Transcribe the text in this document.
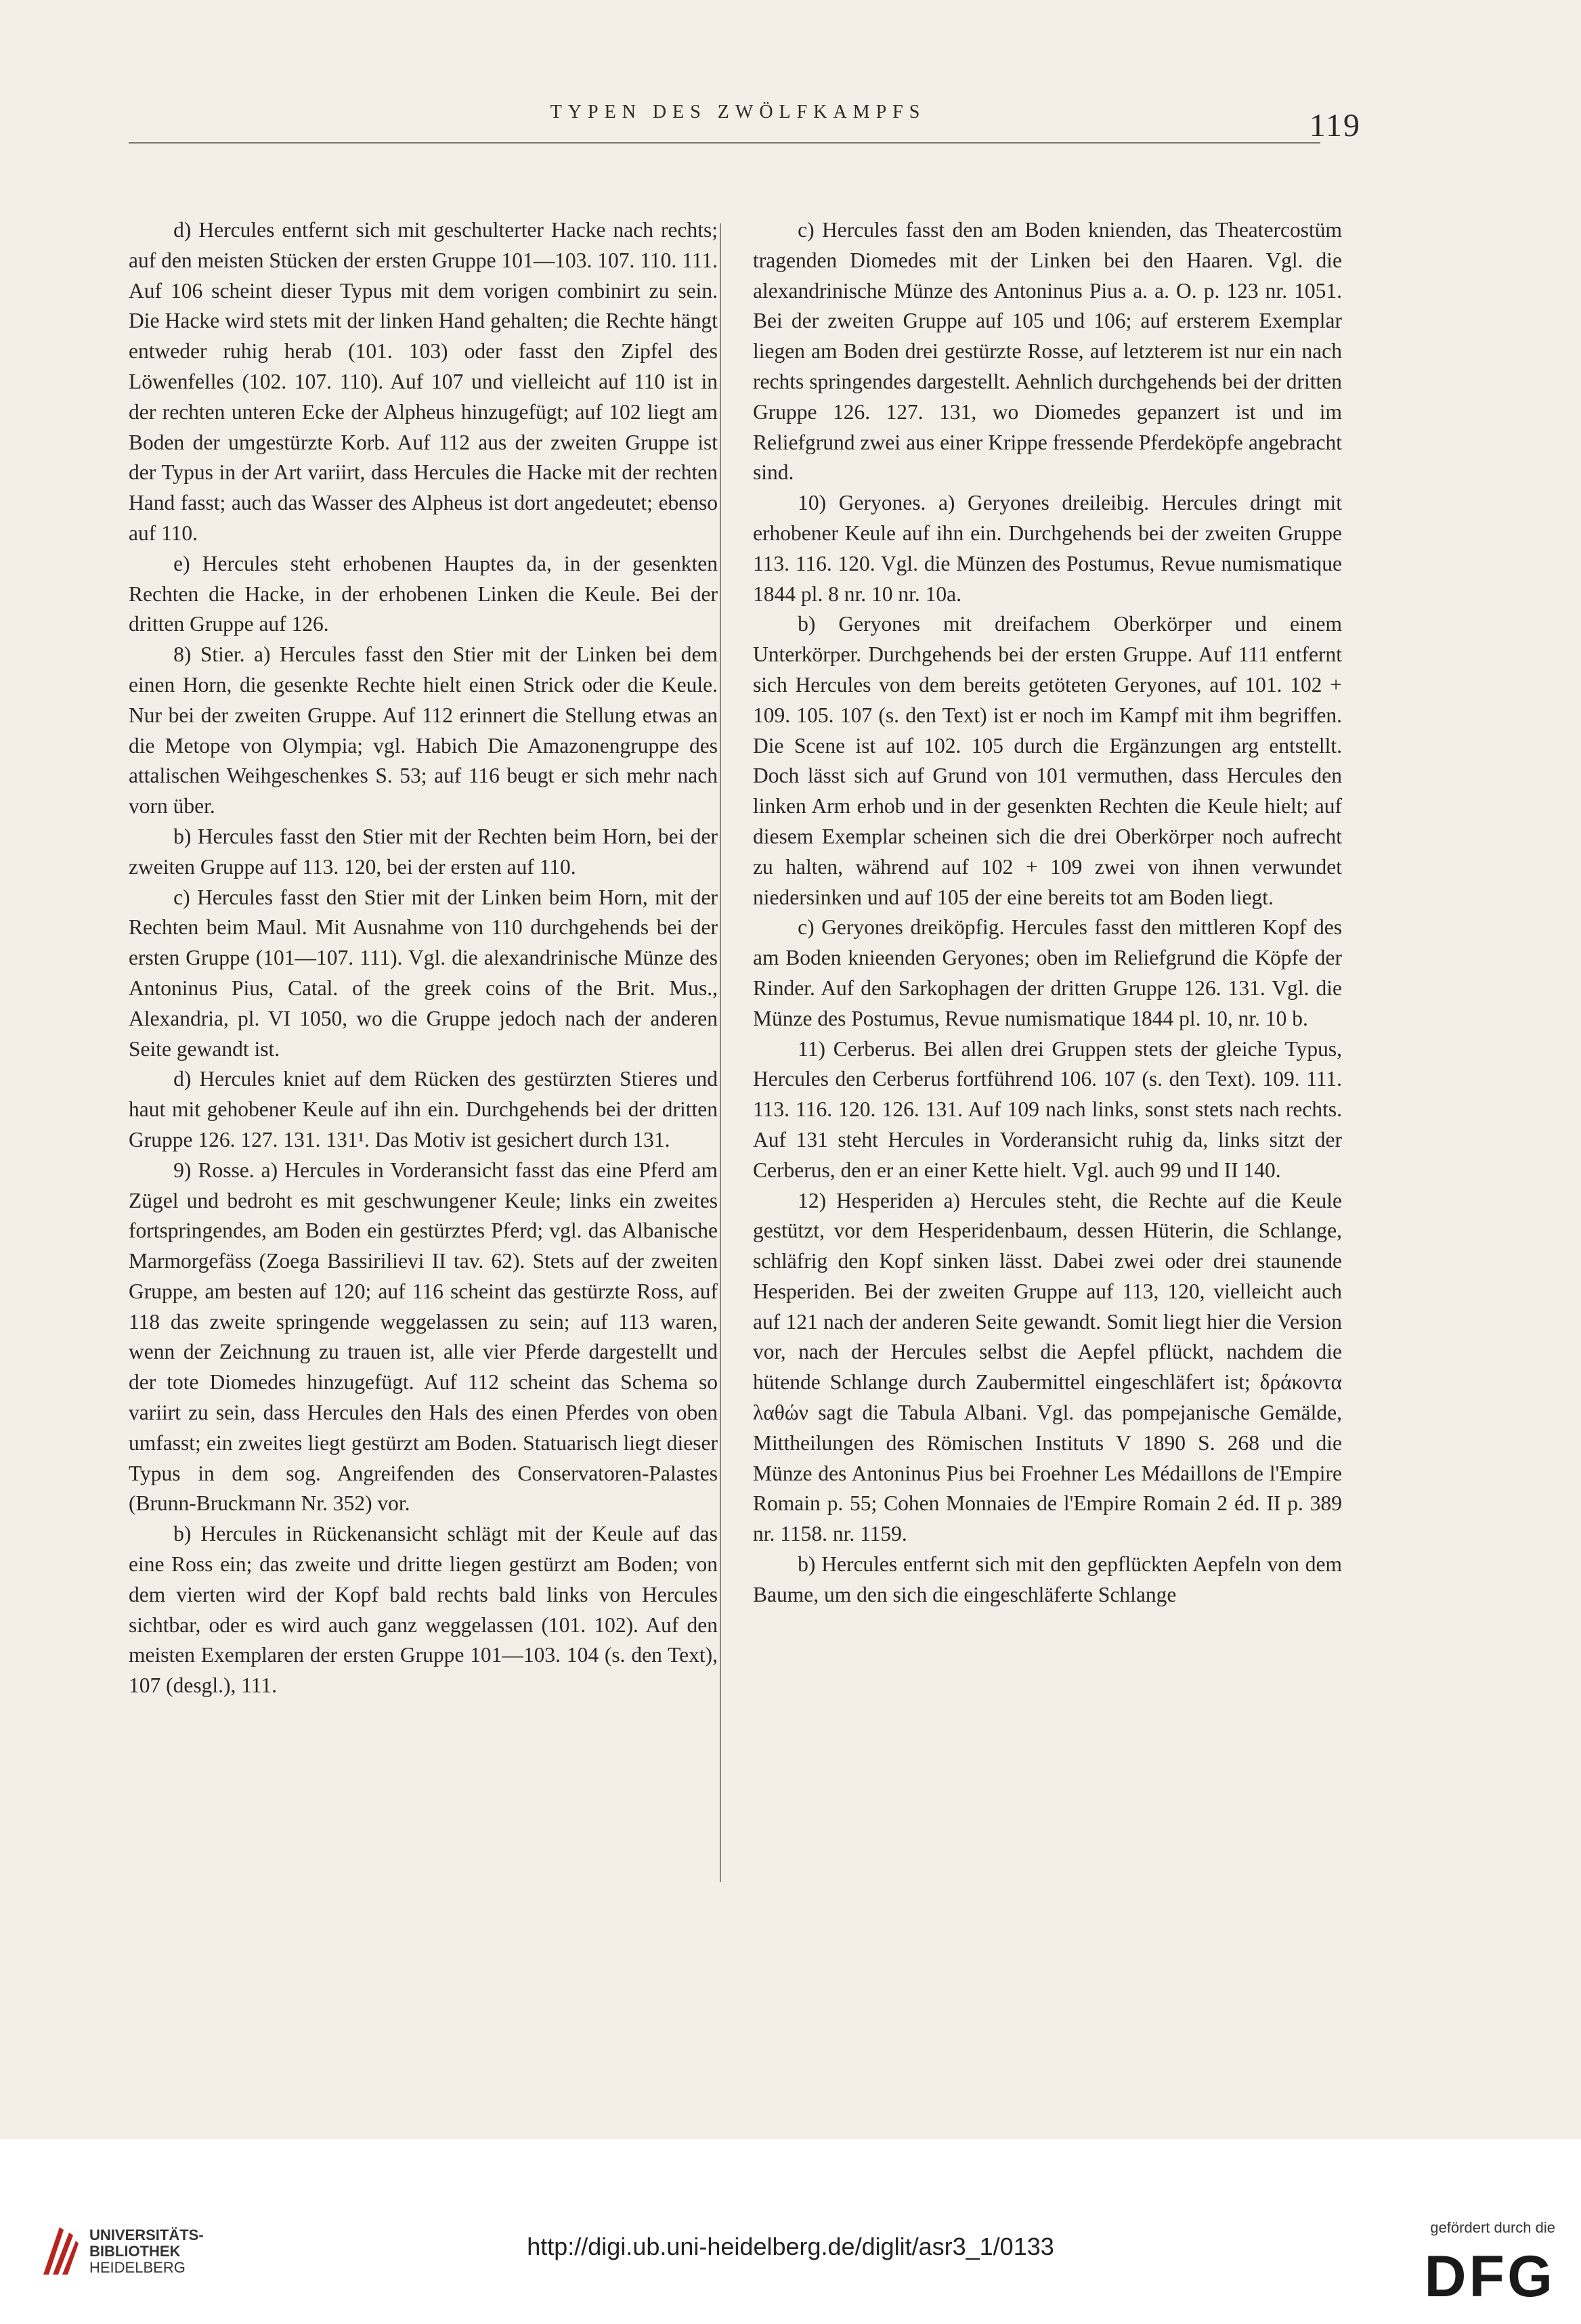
TYPEN DES ZWÖLFKAMPFS	119

d) Hercules entfernt sich mit geschulterter Hacke nach rechts; auf den meisten Stücken der ersten Gruppe 101—103. 107. 110. 111. Auf 106 scheint dieser Typus mit dem vorigen combinirt zu sein. Die Hacke wird stets mit der linken Hand gehalten; die Rechte hängt entweder ruhig herab (101. 103) oder fasst den Zipfel des Löwenfelles (102. 107. 110). Auf 107 und vielleicht auf 110 ist in der rechten unteren Ecke der Alpheus hinzugefügt; auf 102 liegt am Boden der umgestürzte Korb. Auf 112 aus der zweiten Gruppe ist der Typus in der Art variirt, dass Hercules die Hacke mit der rechten Hand fasst; auch das Wasser des Alpheus ist dort angedeutet; ebenso auf 110.

e) Hercules steht erhobenen Hauptes da, in der gesenkten Rechten die Hacke, in der erhobenen Linken die Keule. Bei der dritten Gruppe auf 126.

8) Stier. a) Hercules fasst den Stier mit der Linken bei dem einen Horn, die gesenkte Rechte hielt einen Strick oder die Keule. Nur bei der zweiten Gruppe. Auf 112 erinnert die Stellung etwas an die Metope von Olympia; vgl. Habich Die Amazonengruppe des attalischen Weihgeschenkes S. 53; auf 116 beugt er sich mehr nach vorn über.

b) Hercules fasst den Stier mit der Rechten beim Horn, bei der zweiten Gruppe auf 113. 120, bei der ersten auf 110.

c) Hercules fasst den Stier mit der Linken beim Horn, mit der Rechten beim Maul. Mit Ausnahme von 110 durchgehends bei der ersten Gruppe (101—107. 111). Vgl. die alexandrinische Münze des Antoninus Pius, Catal. of the greek coins of the Brit. Mus., Alexandria, pl. VI 1050, wo die Gruppe jedoch nach der anderen Seite gewandt ist.

d) Hercules kniet auf dem Rücken des gestürzten Stieres und haut mit gehobener Keule auf ihn ein. Durchgehends bei der dritten Gruppe 126. 127. 131. 131¹. Das Motiv ist gesichert durch 131.

9) Rosse. a) Hercules in Vorderansicht fasst das eine Pferd am Zügel und bedroht es mit geschwungener Keule; links ein zweites fortspringendes, am Boden ein gestürztes Pferd; vgl. das Albanische Marmorgefäss (Zoega Bassirilievi II tav. 62). Stets auf der zweiten Gruppe, am besten auf 120; auf 116 scheint das gestürzte Ross, auf 118 das zweite springende weggelassen zu sein; auf 113 waren, wenn der Zeichnung zu trauen ist, alle vier Pferde dargestellt und der tote Diomedes hinzugefügt. Auf 112 scheint das Schema so variirt zu sein, dass Hercules den Hals des einen Pferdes von oben umfasst; ein zweites liegt gestürzt am Boden. Statuarisch liegt dieser Typus in dem sog. Angreifenden des Conservatoren-Palastes (Brunn-Bruckmann Nr. 352) vor.

b) Hercules in Rückenansicht schlägt mit der Keule auf das eine Ross ein; das zweite und dritte liegen gestürzt am Boden; von dem vierten wird der Kopf bald rechts bald links von Hercules sichtbar, oder es wird auch ganz weggelassen (101. 102). Auf den meisten Exemplaren der ersten Gruppe 101—103. 104 (s. den Text), 107 (desgl.), 111.

c) Hercules fasst den am Boden knienden, das Theatercostüm tragenden Diomedes mit der Linken bei den Haaren. Vgl. die alexandrinische Münze des Antoninus Pius a. a. O. p. 123 nr. 1051. Bei der zweiten Gruppe auf 105 und 106; auf ersterem Exemplar liegen am Boden drei gestürzte Rosse, auf letzterem ist nur ein nach rechts springendes dargestellt. Aehnlich durchgehends bei der dritten Gruppe 126. 127. 131, wo Diomedes gepanzert ist und im Reliefgrund zwei aus einer Krippe fressende Pferdeköpfe angebracht sind.

10) Geryones. a) Geryones dreileibig. Hercules dringt mit erhobener Keule auf ihn ein. Durchgehends bei der zweiten Gruppe 113. 116. 120. Vgl. die Münzen des Postumus, Revue numismatique 1844 pl. 8 nr. 10 nr. 10a.

b) Geryones mit dreifachem Oberkörper und einem Unterkörper. Durchgehends bei der ersten Gruppe. Auf 111 entfernt sich Hercules von dem bereits getöteten Geryones, auf 101. 102 + 109. 105. 107 (s. den Text) ist er noch im Kampf mit ihm begriffen. Die Scene ist auf 102. 105 durch die Ergänzungen arg entstellt. Doch lässt sich auf Grund von 101 vermuthen, dass Hercules den linken Arm erhob und in der gesenkten Rechten die Keule hielt; auf diesem Exemplar scheinen sich die drei Oberkörper noch aufrecht zu halten, während auf 102 + 109 zwei von ihnen verwundet niedersinken und auf 105 der eine bereits tot am Boden liegt.

c) Geryones dreiköpfig. Hercules fasst den mittleren Kopf des am Boden knieenden Geryones; oben im Reliefgrund die Köpfe der Rinder. Auf den Sarkophagen der dritten Gruppe 126. 131. Vgl. die Münze des Postumus, Revue numismatique 1844 pl. 10, nr. 10 b.

11) Cerberus. Bei allen drei Gruppen stets der gleiche Typus, Hercules den Cerberus fortführend 106. 107 (s. den Text). 109. 111. 113. 116. 120. 126. 131. Auf 109 nach links, sonst stets nach rechts. Auf 131 steht Hercules in Vorderansicht ruhig da, links sitzt der Cerberus, den er an einer Kette hielt. Vgl. auch 99 und II 140.

12) Hesperiden a) Hercules steht, die Rechte auf die Keule gestützt, vor dem Hesperidenbaum, dessen Hüterin, die Schlange, schläfrig den Kopf sinken lässt. Dabei zwei oder drei staunende Hesperiden. Bei der zweiten Gruppe auf 113, 120, vielleicht auch auf 121 nach der anderen Seite gewandt. Somit liegt hier die Version vor, nach der Hercules selbst die Aepfel pflückt, nachdem die hütende Schlange durch Zaubermittel eingeschläfert ist; δράκοντα λαθών sagt die Tabula Albani. Vgl. das pompejanische Gemälde, Mittheilungen des Römischen Instituts V 1890 S. 268 und die Münze des Antoninus Pius bei Froehner Les Médaillons de l'Empire Romain p. 55; Cohen Monnaies de l'Empire Romain 2 éd. II p. 389 nr. 1158. nr. 1159.

b) Hercules entfernt sich mit den gepflückten Aepfeln von dem Baume, um den sich die eingeschläferte Schlange

UNIVERSITÄTS-
BIBLIOTHEK
HEIDELBERG
http://digi.ub.uni-heidelberg.de/diglit/asr3_1/0133
gefördert durch die
DFG
